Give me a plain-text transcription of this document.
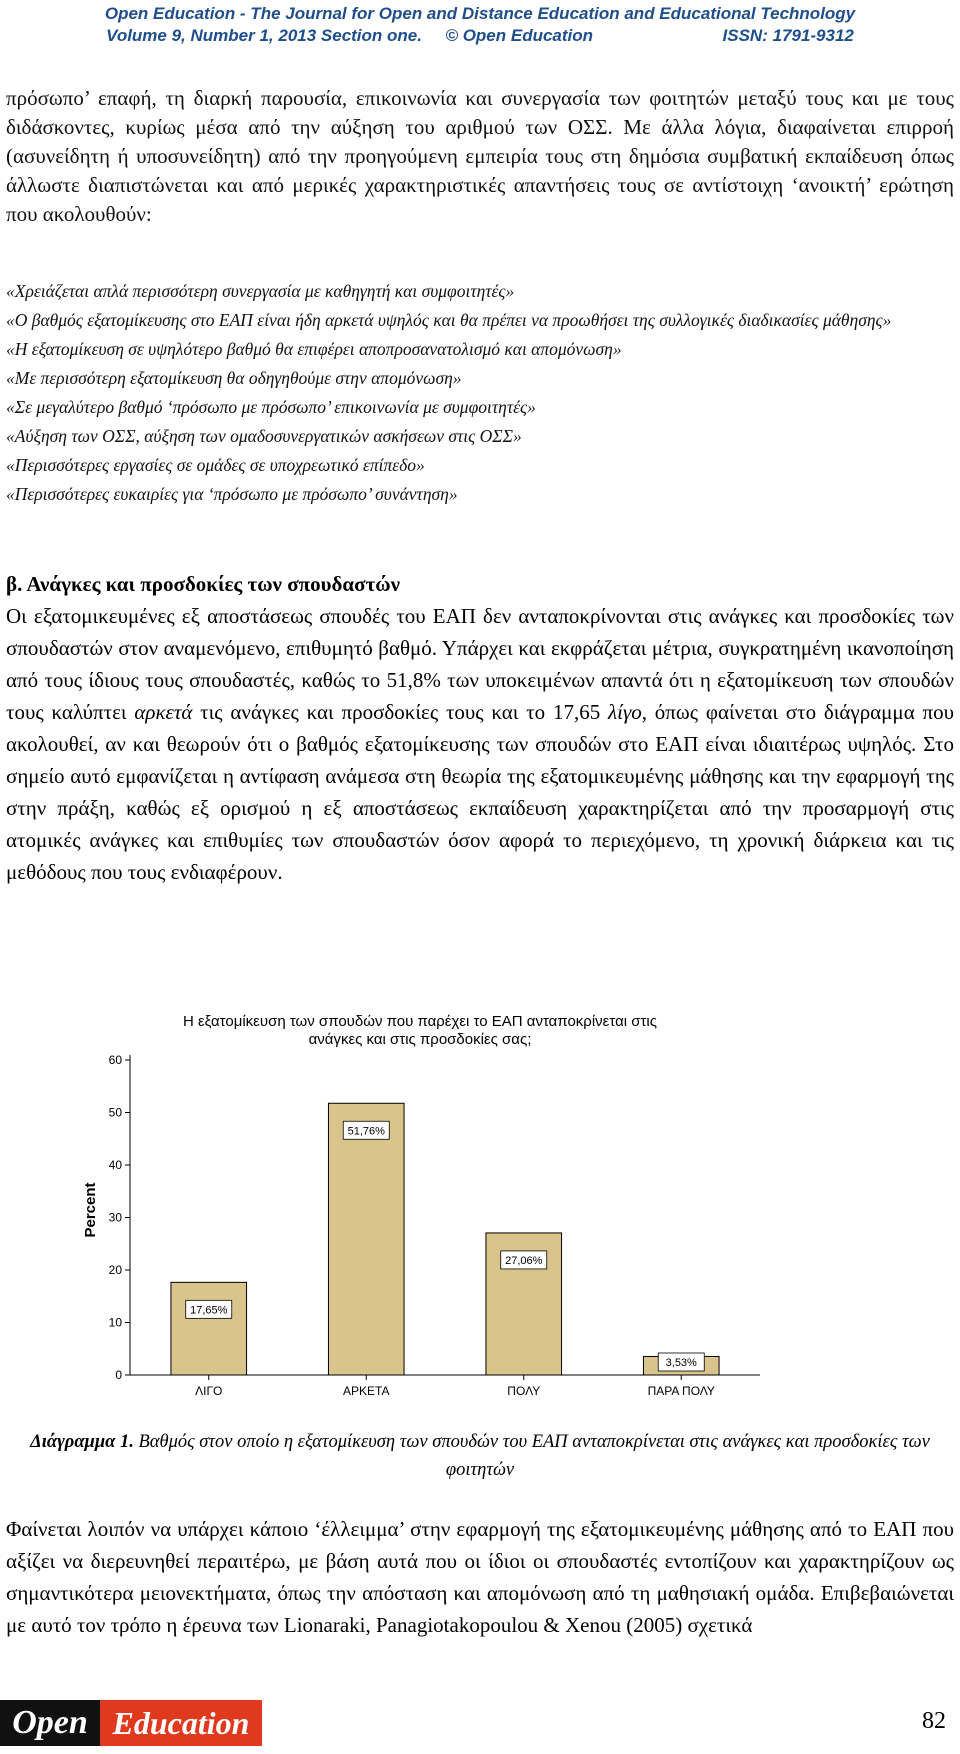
Open Education - The Journal for Open and Distance Education and Educational Technology
Volume 9, Number 1, 2013 Section one. © Open Education	ISSN: 1791-9312
πρόσωπο’ επαφή, τη διαρκή παρουσία, επικοινωνία και συνεργασία των φοιτητών μεταξύ τους και με τους διδάσκοντες, κυρίως μέσα από την αύξηση του αριθμού των ΟΣΣ. Με άλλα λόγια, διαφαίνεται επιρροή (ασυνείδητη ή υποσυνείδητη) από την προηγούμενη εμπειρία τους στη δημόσια συμβατική εκπαίδευση όπως άλλωστε διαπιστώνεται και από μερικές χαρακτηριστικές απαντήσεις τους σε αντίστοιχη ‘ανοικτή’ ερώτηση που ακολουθούν:
«Χρειάζεται απλά περισσότερη συνεργασία με καθηγητή και συμφοιτητές»
«Ο βαθμός εξατομίκευσης στο ΕΑΠ είναι ήδη αρκετά υψηλός και θα πρέπει να προωθήσει της συλλογικές διαδικασίες μάθησης»
«Η εξατομίκευση σε υψηλότερο βαθμό θα επιφέρει αποπροσανατολισμό και απομόνωση»
«Με περισσότερη εξατομίκευση θα οδηγηθούμε στην απομόνωση»
«Σε μεγαλύτερο βαθμό ‘πρόσωπο με πρόσωπο’ επικοινωνία με συμφοιτητές»
«Αύξηση των ΟΣΣ, αύξηση των ομαδοσυνεργατικών ασκήσεων στις ΟΣΣ»
«Περισσότερες εργασίες σε ομάδες σε υποχρεωτικό επίπεδο»
«Περισσότερες ευκαιρίες για ‘πρόσωπο με πρόσωπο’ συνάντηση»
β. Ανάγκες και προσδοκίες των σπουδαστών
Οι εξατομικευμένες εξ αποστάσεως σπουδές του ΕΑΠ δεν ανταποκρίνονται στις ανάγκες και προσδοκίες των σπουδαστών στον αναμενόμενο, επιθυμητό βαθμό. Υπάρχει και εκφράζεται μέτρια, συγκρατημένη ικανοποίηση από τους ίδιους τους σπουδαστές, καθώς το 51,8% των υποκειμένων απαντά ότι η εξατομίκευση των σπουδών τους καλύπτει αρκετά τις ανάγκες και προσδοκίες τους και το 17,65 λίγο, όπως φαίνεται στο διάγραμμα που ακολουθεί, αν και θεωρούν ότι ο βαθμός εξατομίκευσης των σπουδών στο ΕΑΠ είναι ιδιαιτέρως υψηλός. Στο σημείο αυτό εμφανίζεται η αντίφαση ανάμεσα στη θεωρία της εξατομικευμένης μάθησης και την εφαρμογή της στην πράξη, καθώς εξ ορισμού η εξ αποστάσεως εκπαίδευση χαρακτηρίζεται από την προσαρμογή στις ατομικές ανάγκες και επιθυμίες των σπουδαστών όσον αφορά το περιεχόμενο, τη χρονική διάρκεια και τις μεθόδους που τους ενδιαφέρουν.
Η εξατομίκευση των σπουδών που παρέχει το ΕΑΠ ανταποκρίνεται στις
ανάγκες και στις προσδοκίες σας;
Percent
0
10
20
30
40
50
60
ΛΙΓΟ	ΑΡΚΕΤΑ	ΠΟΛΥ	ΠΑΡΑ ΠΟΛΥ
17,65%
51,76%
27,06%
3,53%
Διάγραμμα 1. Βαθμός στον οποίο η εξατομίκευση των σπουδών του ΕΑΠ ανταποκρίνεται στις ανάγκες και προσδοκίες των φοιτητών
Φαίνεται λοιπόν να υπάρχει κάποιο ‘έλλειμμα’ στην εφαρμογή της εξατομικευμένης μάθησης από το ΕΑΠ που αξίζει να διερευνηθεί περαιτέρω, με βάση αυτά που οι ίδιοι οι σπουδαστές εντοπίζουν και χαρακτηρίζουν ως σημαντικότερα μειονεκτήματα, όπως την απόσταση και απομόνωση από τη μαθησιακή ομάδα. Επιβεβαιώνεται με αυτό τον τρόπο η έρευνα των Lionaraki, Panagiotakopoulou & Xenou (2005) σχετικά
Open Education	82
